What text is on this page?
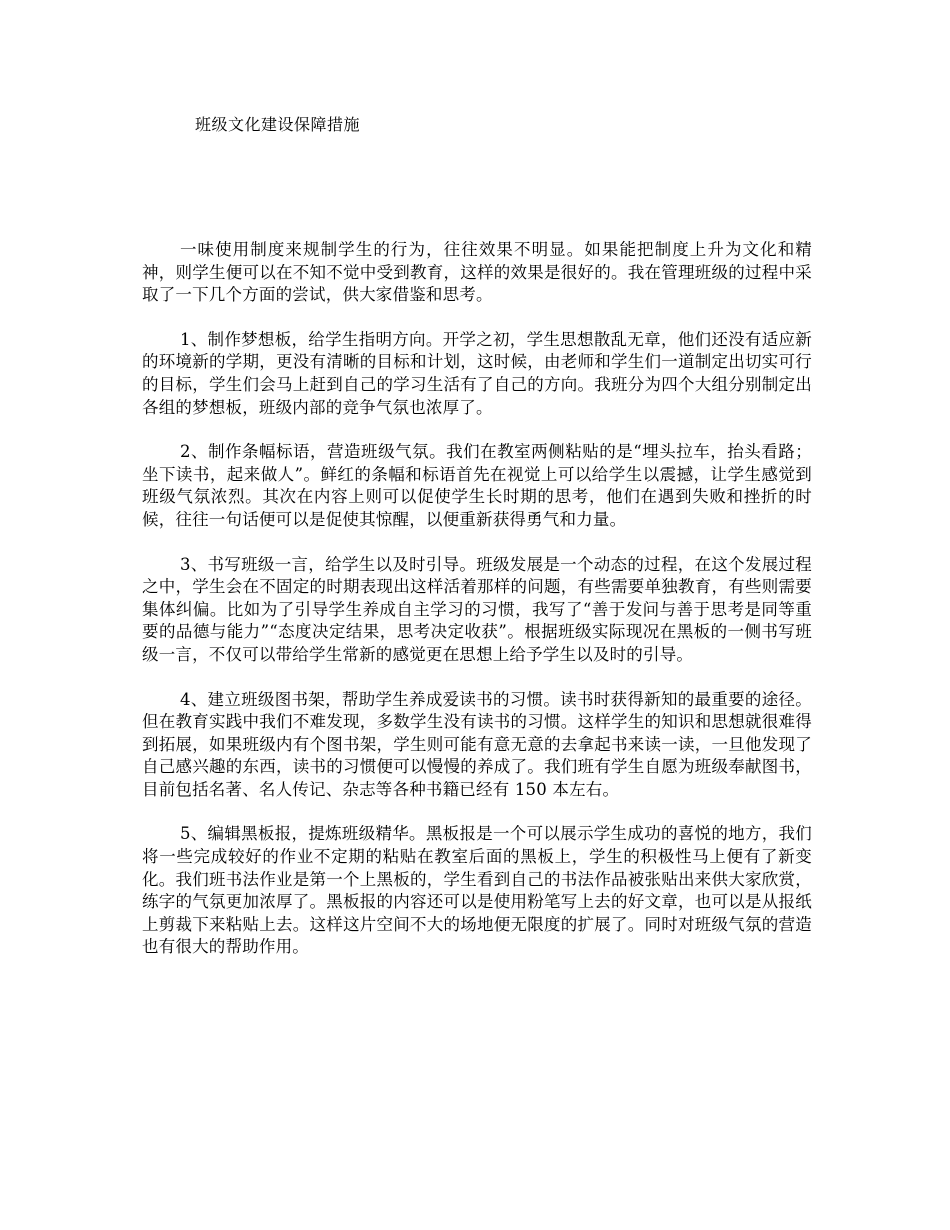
班级文化建设保障措施

一味使用制度来规制学生的行为，往往效果不明显。如果能把制度上升为文化和精神，则学生便可以在不知不觉中受到教育，这样的效果是很好的。我在管理班级的过程中采取了一下几个方面的尝试，供大家借鉴和思考。

1、制作梦想板，给学生指明方向。开学之初，学生思想散乱无章，他们还没有适应新的环境新的学期，更没有清晰的目标和计划，这时候，由老师和学生们一道制定出切实可行的目标，学生们会马上赶到自己的学习生活有了自己的方向。我班分为四个大组分别制定出各组的梦想板，班级内部的竞争气氛也浓厚了。

2、制作条幅标语，营造班级气氛。我们在教室两侧粘贴的是“埋头拉车，抬头看路；坐下读书，起来做人”。鲜红的条幅和标语首先在视觉上可以给学生以震撼，让学生感觉到班级气氛浓烈。其次在内容上则可以促使学生长时期的思考，他们在遇到失败和挫折的时候，往往一句话便可以是促使其惊醒，以便重新获得勇气和力量。

3、书写班级一言，给学生以及时引导。班级发展是一个动态的过程，在这个发展过程之中，学生会在不固定的时期表现出这样活着那样的问题，有些需要单独教育，有些则需要集体纠偏。比如为了引导学生养成自主学习的习惯，我写了“善于发问与善于思考是同等重要的品德与能力”“态度决定结果，思考决定收获”。根据班级实际现况在黑板的一侧书写班级一言，不仅可以带给学生常新的感觉更在思想上给予学生以及时的引导。

4、建立班级图书架，帮助学生养成爱读书的习惯。读书时获得新知的最重要的途径。但在教育实践中我们不难发现，多数学生没有读书的习惯。这样学生的知识和思想就很难得到拓展，如果班级内有个图书架，学生则可能有意无意的去拿起书来读一读，一旦他发现了自己感兴趣的东西，读书的习惯便可以慢慢的养成了。我们班有学生自愿为班级奉献图书，目前包括名著、名人传记、杂志等各种书籍已经有 150 本左右。

5、编辑黑板报，提炼班级精华。黑板报是一个可以展示学生成功的喜悦的地方，我们将一些完成较好的作业不定期的粘贴在教室后面的黑板上，学生的积极性马上便有了新变化。我们班书法作业是第一个上黑板的，学生看到自己的书法作品被张贴出来供大家欣赏，练字的气氛更加浓厚了。黑板报的内容还可以是使用粉笔写上去的好文章，也可以是从报纸上剪裁下来粘贴上去。这样这片空间不大的场地便无限度的扩展了。同时对班级气氛的营造也有很大的帮助作用。
